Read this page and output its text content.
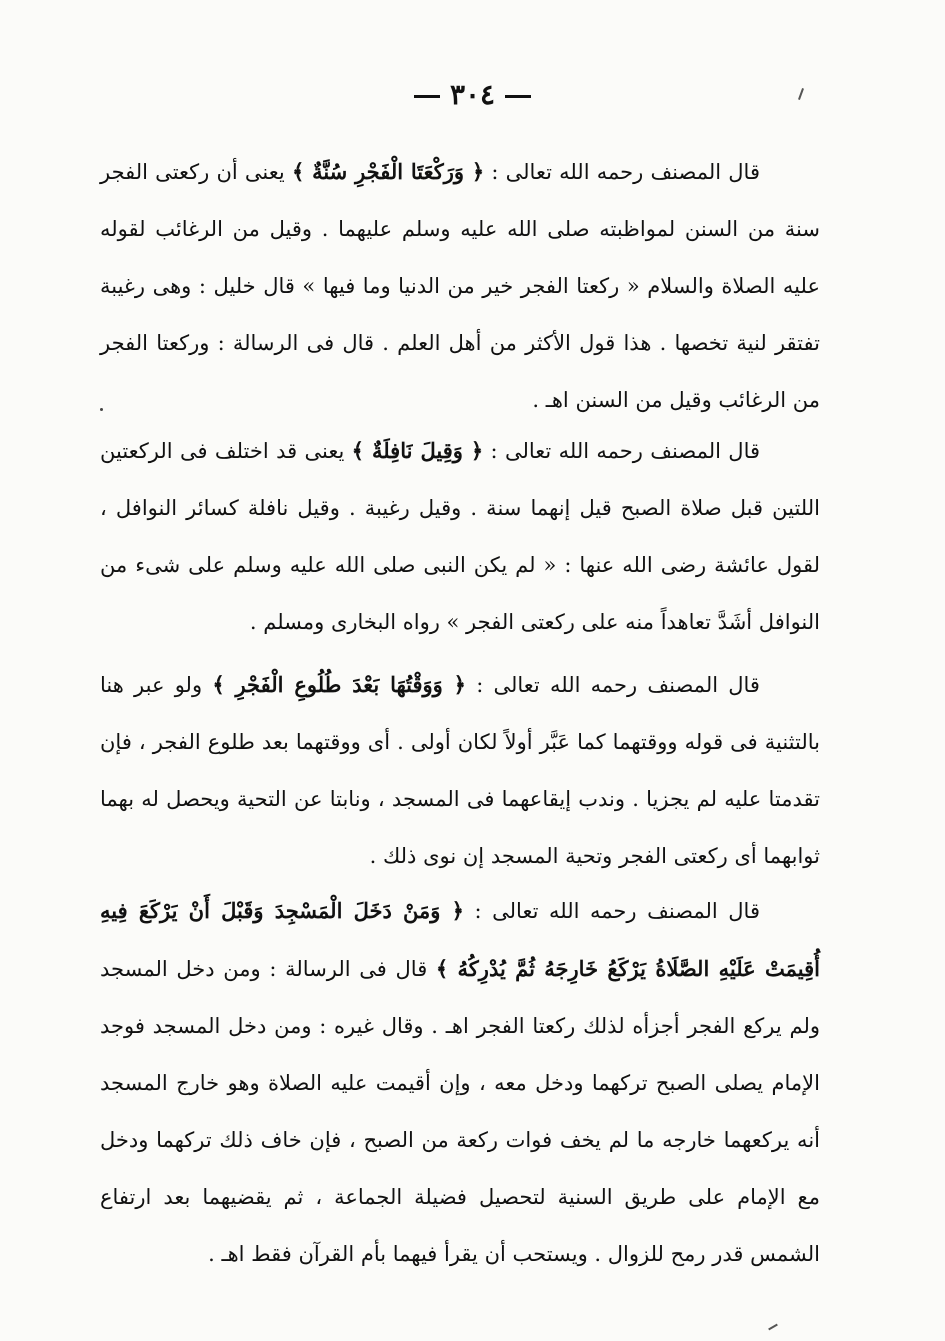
٣٠٤

قال المصنف رحمه الله تعالى : ﴿ وَرَكْعَتَا الْفَجْرِ سُنَّةٌ ﴾ يعنى أن ركعتى الفجر سنة من السنن لمواظبته صلى الله عليه وسلم عليهما . وقيل من الرغائب لقوله عليه الصلاة والسلام « ركعتا الفجر خير من الدنيا وما فيها » قال خليل : وهى رغيبة تفتقر لنية تخصها . هذا قول الأكثر من أهل العلم . قال فى الرسالة : وركعتا الفجر من الرغائب وقيل من السنن اهـ .

قال المصنف رحمه الله تعالى : ﴿ وَقِيلَ نَافِلَةٌ ﴾ يعنى قد اختلف فى الركعتين اللتين قبل صلاة الصبح قيل إنهما سنة . وقيل رغيبة . وقيل نافلة كسائر النوافل ، لقول عائشة رضى الله عنها : « لم يكن النبى صلى الله عليه وسلم على شىء من النوافل أشَدَّ تعاهداً منه على ركعتى الفجر » رواه البخارى ومسلم .

قال المصنف رحمه الله تعالى : ﴿ وَوَقْتُهَا بَعْدَ طُلُوعِ الْفَجْرِ ﴾ ولو عبر هنا بالتثنية فى قوله ووقتهما كما عَبَّر أولاً لكان أولى . أى ووقتهما بعد طلوع الفجر ، فإن تقدمتا عليه لم يجزيا . وندب إيقاعهما فى المسجد ، ونابتا عن التحية ويحصل له بهما ثوابهما أى ركعتى الفجر وتحية المسجد إن نوى ذلك .

قال المصنف رحمه الله تعالى : ﴿ وَمَنْ دَخَلَ الْمَسْجِدَ وَقَبْلَ أَنْ يَرْكَعَ فِيهِ أُقِيمَتْ عَلَيْهِ الصَّلَاةُ يَرْكَعُ خَارِجَهُ ثُمَّ يُدْرِكُهُ ﴾ قال فى الرسالة : ومن دخل المسجد ولم يركع الفجر أجزأه لذلك ركعتا الفجر اهـ . وقال غيره : ومن دخل المسجد فوجد الإمام يصلى الصبح تركهما ودخل معه ، وإن أقيمت عليه الصلاة وهو خارج المسجد أنه يركعهما خارجه ما لم يخف فوات ركعة من الصبح ، فإن خاف ذلك تركهما ودخل مع الإمام على طريق السنية لتحصيل فضيلة الجماعة ، ثم يقضيهما بعد ارتفاع الشمس قدر رمح للزوال . ويستحب أن يقرأ فيهما بأم القرآن فقط اهـ .
